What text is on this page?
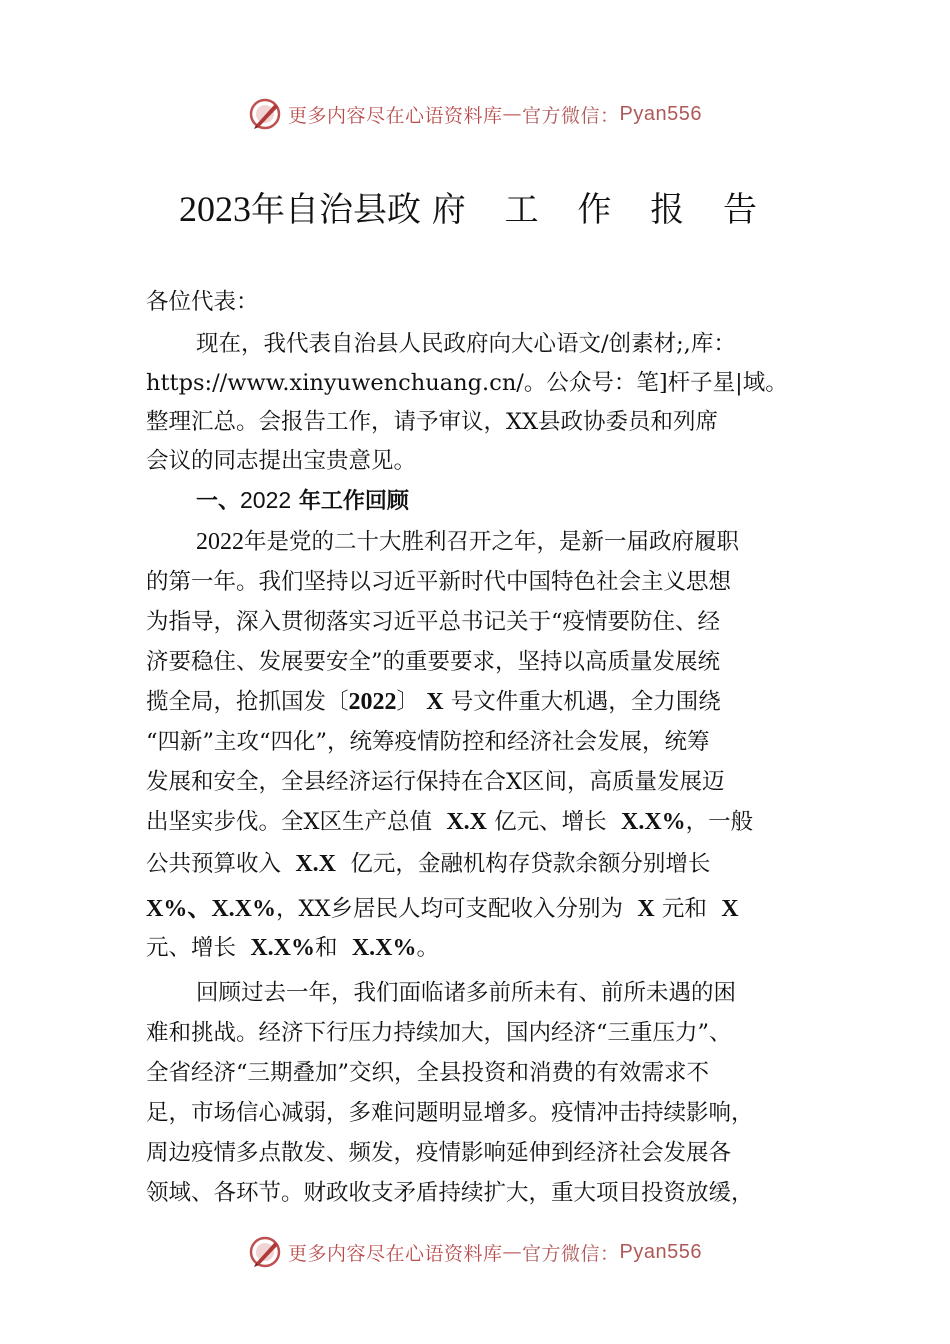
更多内容尽在心语资料库 — 官方微信： Pyan556
2023年自治县政 府 工 作 报 告
各位代表：
现在，我代表自治县人民政府向大心语文/创素材;,库：
https://www.xinyuwenchuang.cn/。公众号：笔]杆子星|域。
整理汇总。会报告工作，请予审议，XX县政协委员和列席
会议的同志提出宝贵意见。
一、2022 年工作回顾
2022年是党的二十大胜利召开之年，是新一届政府履职
的第一年。我们坚持以习近平新时代中国特色社会主义思想
为指导，深入贯彻落实习近平总书记关于“疫情要防住、经
济要稳住、发展要安全”的重要要求，坚持以高质量发展统
揽全局，抢抓国发〔2022〕 X 号文件重大机遇，全力围绕
“四新”主攻“四化”，统筹疫情防控和经济社会发展，统筹
发展和安全，全县经济运行保持在合X区间，高质量发展迈
出坚实步伐。全X区生产总值 X.X 亿元、增长 X.X%，一般
公共预算收入 X.X 亿元，金融机构存贷款余额分别增长
X%、X.X%，XX乡居民人均可支配收入分别为 X 元和 X
元、增长 X.X%和 X.X%。
回顾过去一年，我们面临诸多前所未有、前所未遇的困
难和挑战。经济下行压力持续加大，国内经济“三重压力”、
全省经济“三期叠加”交织，全县投资和消费的有效需求不
足，市场信心减弱，多难问题明显增多。疫情冲击持续影响，
周边疫情多点散发、频发，疫情影响延伸到经济社会发展各
领域、各环节。财政收支矛盾持续扩大，重大项目投资放缓，
更多内容尽在心语资料库 — 官方微信： Pyan556
